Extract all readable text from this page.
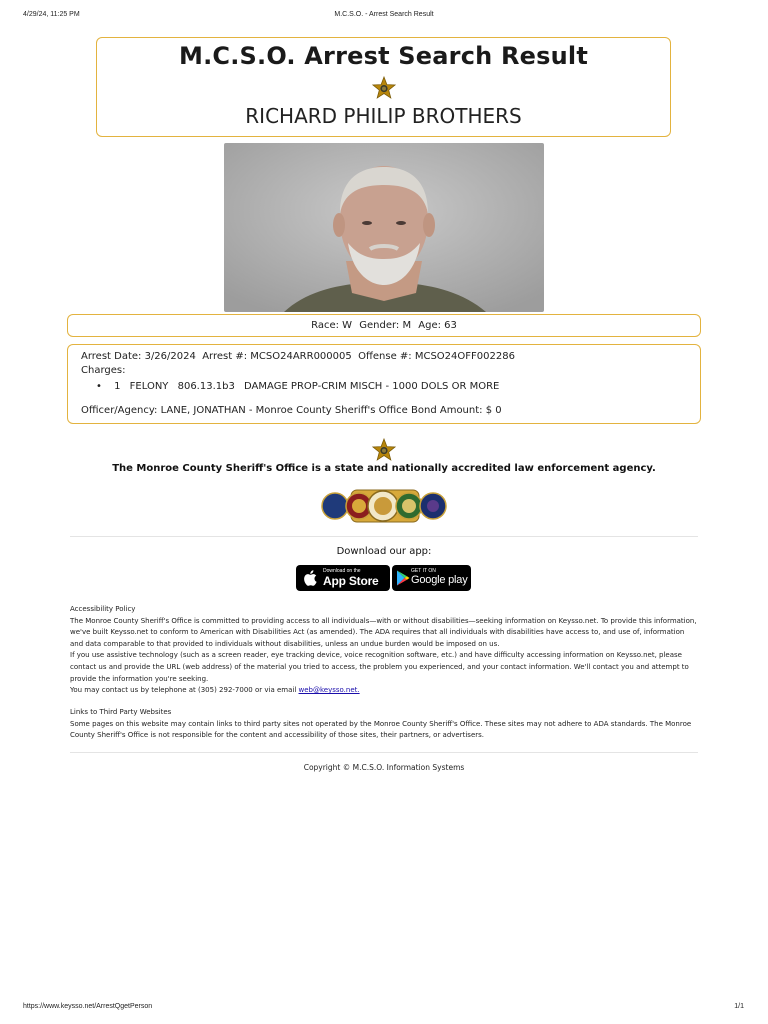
4/29/24, 11:25 PM	M.C.S.O. - Arrest Search Result
M.C.S.O. Arrest Search Result
RICHARD PHILIP BROTHERS
Race: W Gender: M Age: 63
Arrest Date: 3/26/2024 Arrest #: MCSO24ARR000005 Offense #: MCSO24OFF002286
Charges:
• 1 FELONY 806.13.1b3 DAMAGE PROP-CRIM MISCH - 1000 DOLS OR MORE
Officer/Agency: LANE, JONATHAN - Monroe County Sheriff's Office Bond Amount: $ 0
The Monroe County Sheriff's Office is a state and nationally accredited law enforcement agency.
Download our app:
Download on the
App Store
GET IT ON
Google play
Accessibility Policy
The Monroe County Sheriff's Office is committed to providing access to all individuals—with or without disabilities—seeking information on Keysso.net. To provide this information, we've built Keysso.net to conform to American with Disabilities Act (as amended). The ADA requires that all individuals with disabilities have access to, and use of, information and data comparable to that provided to individuals without disabilities, unless an undue burden would be imposed on us.
If you use assistive technology (such as a screen reader, eye tracking device, voice recognition software, etc.) and have difficulty accessing information on Keysso.net, please contact us and provide the URL (web address) of the material you tried to access, the problem you experienced, and your contact information. We'll contact you and attempt to provide the information you're seeking.
You may contact us by telephone at (305) 292-7000 or via email web@keysso.net.
Links to Third Party Websites
Some pages on this website may contain links to third party sites not operated by the Monroe County Sheriff's Office. These sites may not adhere to ADA standards. The Monroe County Sheriff's Office is not responsible for the content and accessibility of those sites, their partners, or advertisers.
Copyright © M.C.S.O. Information Systems
https://www.keysso.net/ArrestQgetPerson	1/1
